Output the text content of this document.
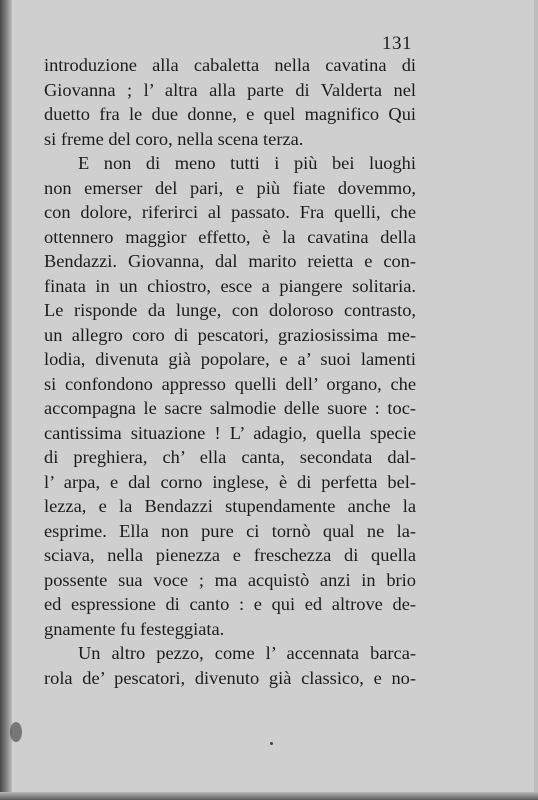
131
introduzione alla cabaletta nella cavatina di
Giovanna ; l’ altra alla parte di Valderta nel
duetto fra le due donne, e quel magnifico Qui
si freme del coro, nella scena terza.
E non di meno tutti i più bei luoghi
non emerser del pari, e più fiate dovemmo,
con dolore, riferirci al passato. Fra quelli, che
ottennero maggior effetto, è la cavatina della
Bendazzi. Giovanna, dal marito reietta e con-
finata in un chiostro, esce a piangere solitaria.
Le risponde da lunge, con doloroso contrasto,
un allegro coro di pescatori, graziosissima me-
lodia, divenuta già popolare, e a’ suoi lamenti
si confondono appresso quelli dell’ organo, che
accompagna le sacre salmodie delle suore : toc-
cantissima situazione ! L’ adagio, quella specie
di preghiera, ch’ ella canta, secondata dal-
l’ arpa, e dal corno inglese, è di perfetta bel-
lezza, e la Bendazzi stupendamente anche la
esprime. Ella non pure ci tornò qual ne la-
sciava, nella pienezza e freschezza di quella
possente sua voce ; ma acquistò anzi in brio
ed espressione di canto : e qui ed altrove de-
gnamente fu festeggiata.
Un altro pezzo, come l’ accennata barca-
rola de’ pescatori, divenuto già classico, e no-
